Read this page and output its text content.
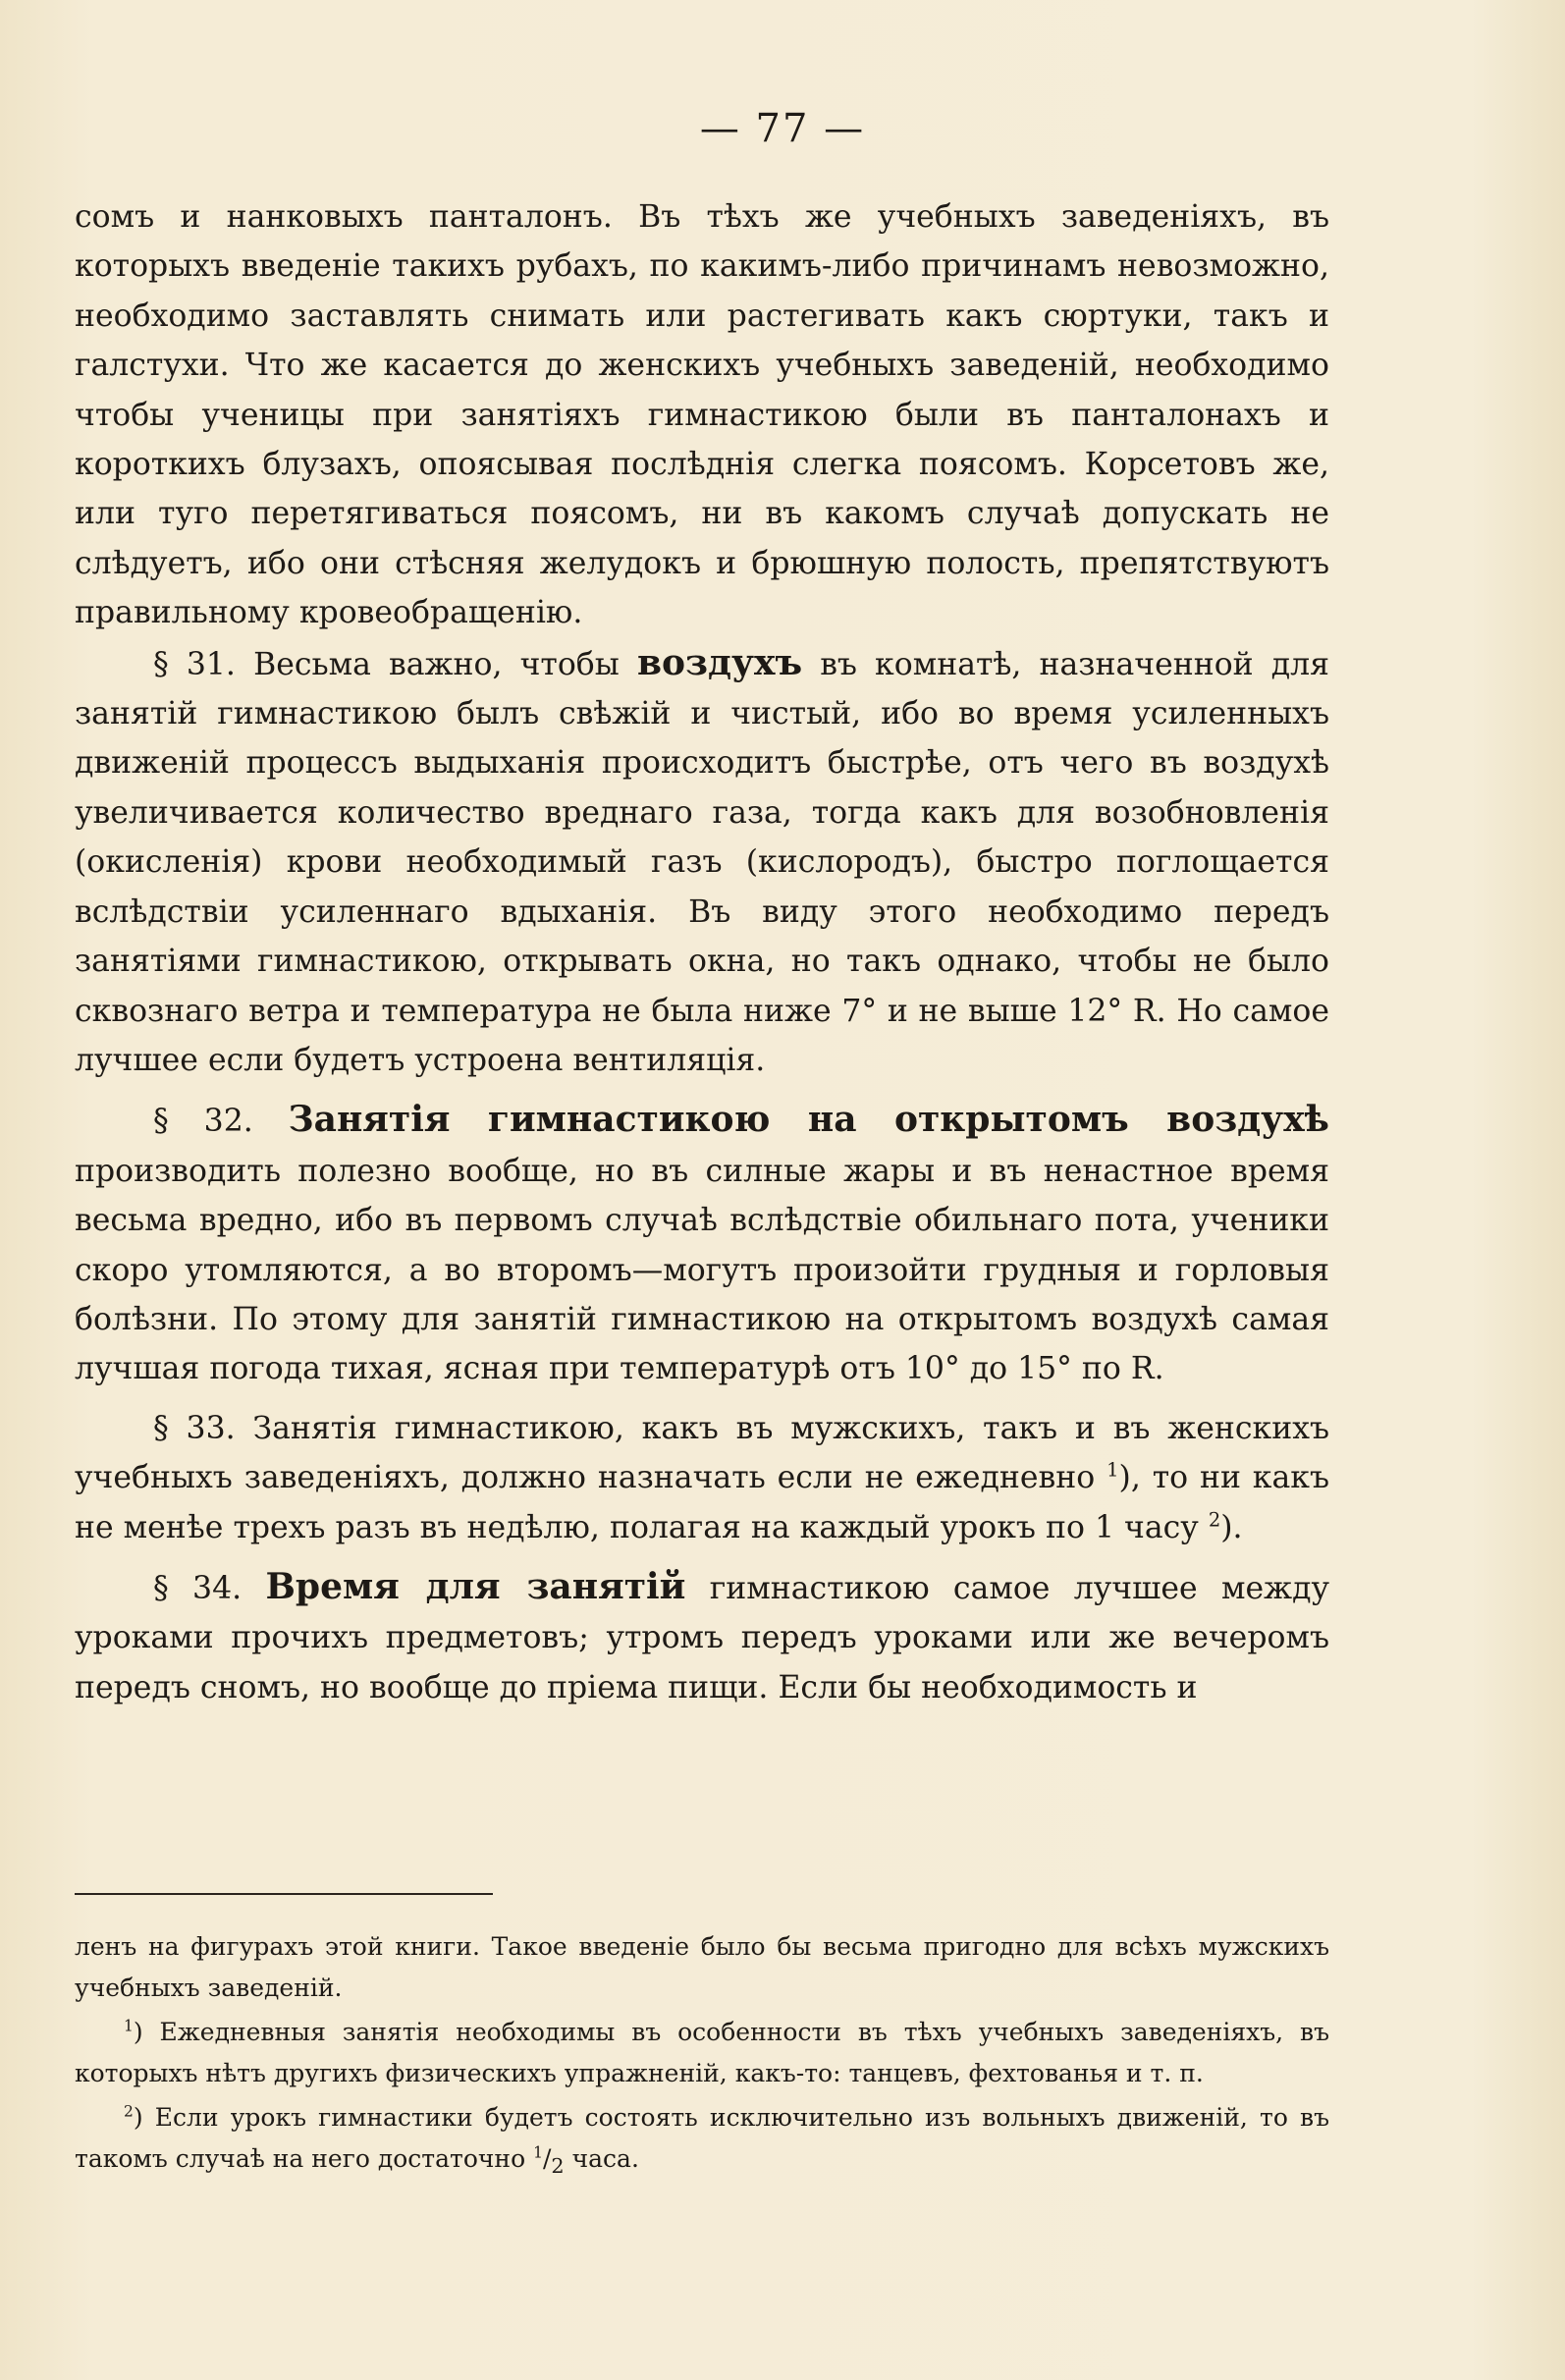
— 77 —

сомъ и нанковыхъ панталонъ. Въ тѣхъ же учебныхъ заведеніяхъ, въ которыхъ введеніе такихъ рубахъ, по какимъ-либо причинамъ невозможно, необходимо заставлять снимать или растегивать какъ сюртуки, такъ и галстухи. Что же касается до женскихъ учебныхъ заведеній, необходимо чтобы ученицы при занятіяхъ гимнастикою были въ панталонахъ и короткихъ блузахъ, опоясывая послѣднія слегка поясомъ. Корсетовъ же, или туго перетягиваться поясомъ, ни въ какомъ случаѣ допускать не слѣдуетъ, ибо они стѣсняя желудокъ и брюшную полость, препятствуютъ правильному кровеобращенію.

§ 31. Весьма важно, чтобы воздухъ въ комнатѣ, назначенной для занятій гимнастикою былъ свѣжій и чистый, ибо во время усиленныхъ движеній процессъ выдыханія происходитъ быстрѣе, отъ чего въ воздухѣ увеличивается количество вреднаго газа, тогда какъ для возобновленія (окисленія) крови необходимый газъ (кислородъ), быстро поглощается вслѣдствіи усиленнаго вдыханія. Въ виду этого необходимо передъ занятіями гимнастикою, открывать окна, но такъ однако, чтобы не было сквознаго ветра и температура не была ниже 7° и не выше 12° R. Но самое лучшее если будетъ устроена вентиляція.

§ 32. Занятія гимнастикою на открытомъ воздухѣ производить полезно вообще, но въ силные жары и въ ненастное время весьма вредно, ибо въ первомъ случаѣ вслѣдствіе обильнаго пота, ученики скоро утомляются, а во второмъ—могутъ произойти грудныя и горловыя болѣзни. По этому для занятій гимнастикою на открытомъ воздухѣ самая лучшая погода тихая, ясная при температурѣ отъ 10° до 15° по R.

§ 33. Занятія гимнастикою, какъ въ мужскихъ, такъ и въ женскихъ учебныхъ заведеніяхъ, должно назначать если не ежедневно $^1$), то ни какъ не менѣе трехъ разъ въ недѣлю, полагая на каждый урокъ по 1 часу $^2$).

§ 34. Время для занятій гимнастикою самое лучшее между уроками прочихъ предметовъ; утромъ передъ уроками или же вечеромъ передъ сномъ, но вообще до пріема пищи. Если бы необходимость и

ленъ на фигурахъ этой книги. Такое введеніе было бы весьма пригодно для всѣхъ мужскихъ учебныхъ заведеній.

$^1$) Ежедневныя занятія необходимы въ особенности въ тѣхъ учебныхъ заведеніяхъ, въ которыхъ нѣтъ другихъ физическихъ упражненій, какъ-то: танцевъ, фехтованья и т. п.

$^2$) Если урокъ гимнастики будетъ состоять исключительно изъ вольныхъ движеній, то въ такомъ случаѣ на него достаточно $^1/_2$ часа.
